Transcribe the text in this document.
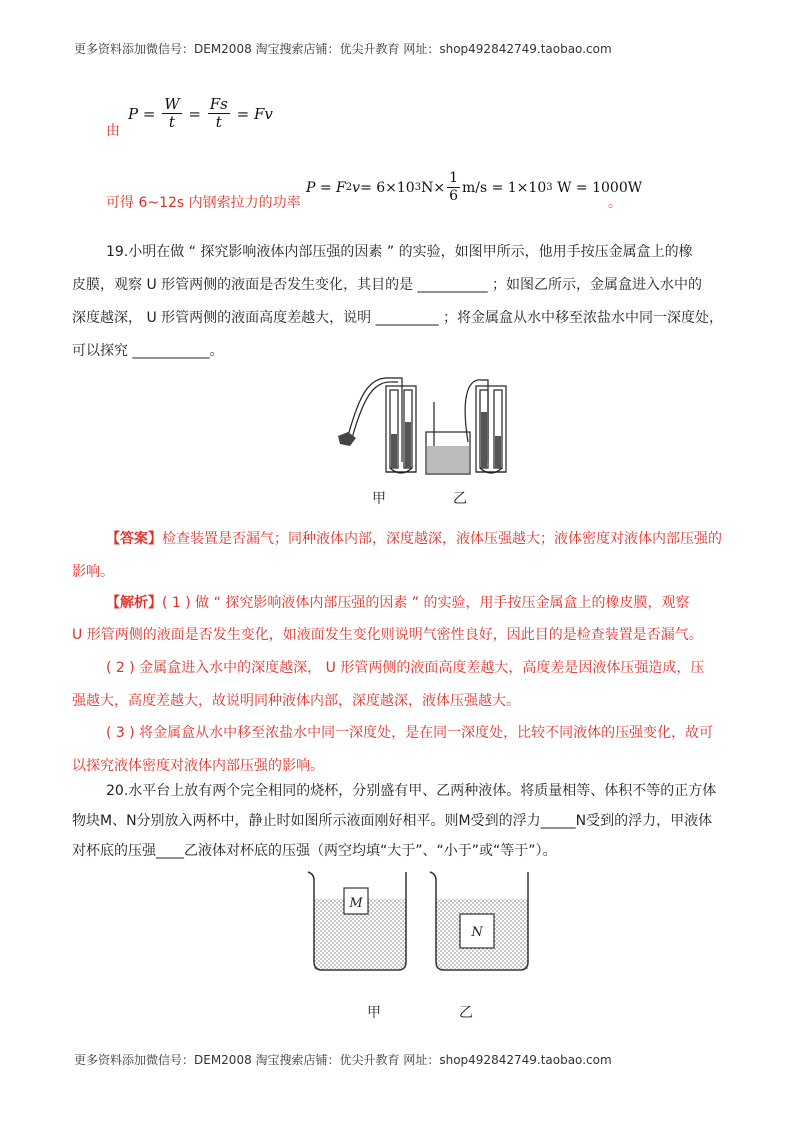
更多资料添加微信号：DEM2008 淘宝搜索店铺：优尖升教育 网址：shop492842749.taobao.com
由
$P = \frac{W}{t} = \frac{Fs}{t} = Fv$
可得 6~12s 内钢索拉力的功率
P = F 2 v = 6×10 3 $N\times \frac{1}{6} m/s = 1\times 10$ 3
W = 1000W
。
19.小明在做 “ 探究影响液体内部压强的因素 ” 的实验，如图甲所示，他用手按压金属盒上的橡
皮膜，观察 U 形管两侧的液面是否发生变化，其目的是 __________ ；如图乙所示，金属盒进入水中的
深度越深， U 形管两侧的液面高度差越大，说明 _________ ；将金属盒从水中移至浓盐水中同一深度处，
可以探究 ___________。
甲	乙
【答案】检查装置是否漏气；同种液体内部，深度越深，液体压强越大；液体密度对液体内部压强的
影响。
【解析】( 1 ) 做 “ 探究影响液体内部压强的因素 ” 的实验，用手按压金属盒上的橡皮膜，观察
U 形管两侧的液面是否发生变化，如液面发生变化则说明气密性良好，因此目的是检查装置是否漏气。
( 2 ) 金属盒进入水中的深度越深， U 形管两侧的液面高度差越大，高度差是因液体压强造成，压
强越大，高度差越大，故说明同种液体内部，深度越深，液体压强越大。
( 3 ) 将金属盒从水中移至浓盐水中同一深度处，是在同一深度处，比较不同液体的压强变化，故可
以探究液体密度对液体内部压强的影响。
20.水平台上放有两个完全相同的烧杯，分别盛有甲、乙两种液体。将质量相等、体积不等的正方体
物块M、N分别放入两杯中，静止时如图所示液面刚好相平。则M受到的浮力_____N受到的浮力，甲液体
对杯底的压强____乙液体对杯底的压强（两空均填“大于”、“小于”或“等于”）。
M
N
甲	乙
更多资料添加微信号：DEM2008 淘宝搜索店铺：优尖升教育 网址：shop492842749.taobao.com
